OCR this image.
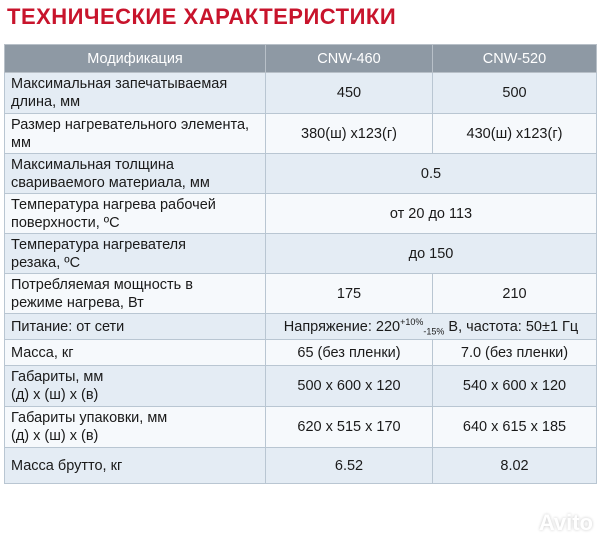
ТЕХНИЧЕСКИЕ ХАРАКТЕРИСТИКИ
Модификация	CNW-460	CNW-520
Максимальная запечатываемая
длина, мм	450	500
Размер нагревательного элемента,
мм	380(ш) x123(г)	430(ш) x123(г)
Максимальная толщина
свариваемого материала, мм	0.5	
Температура нагрева рабочей
поверхности, ºС	от 20 до 113	
Температура нагревателя
резака, ºС	до 150	
Потребляемая мощность в
режиме нагрева, Вт	175	210
Питание: от сети	Напряжение: $220^{+10\%}_{-15\%}$ В, частота: 50±1 Гц	
Масса, кг	65 (без пленки)	7.0 (без пленки)
Габариты, мм
(д) х (ш) х (в)	500 x 600 x 120	540 x 600 x 120
Габариты упаковки, мм
(д) х (ш) х (в)	620 x 515 x 170	640 x 615 x 185
Масса брутто, кг	6.52	8.02
Avito
